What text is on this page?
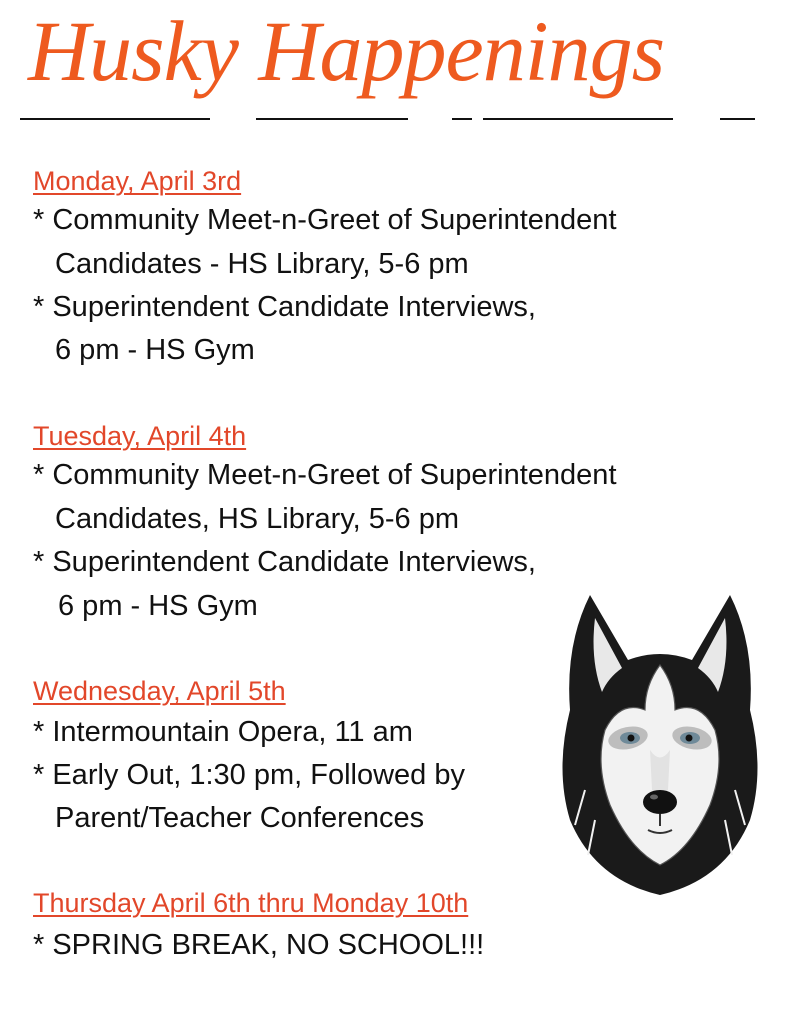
Husky Happenings
Monday, April 3rd
* Community Meet-n-Greet of Superintendent
Candidates - HS Library, 5-6 pm
* Superintendent Candidate Interviews,
6 pm - HS Gym
Tuesday, April 4th
* Community Meet-n-Greet of Superintendent
Candidates, HS Library, 5-6 pm
* Superintendent Candidate Interviews,
6 pm - HS Gym
Wednesday, April 5th
* Intermountain Opera, 11 am
* Early Out, 1:30 pm, Followed by
Parent/Teacher Conferences
Thursday April 6th thru Monday 10th
* SPRING BREAK, NO SCHOOL!!!
